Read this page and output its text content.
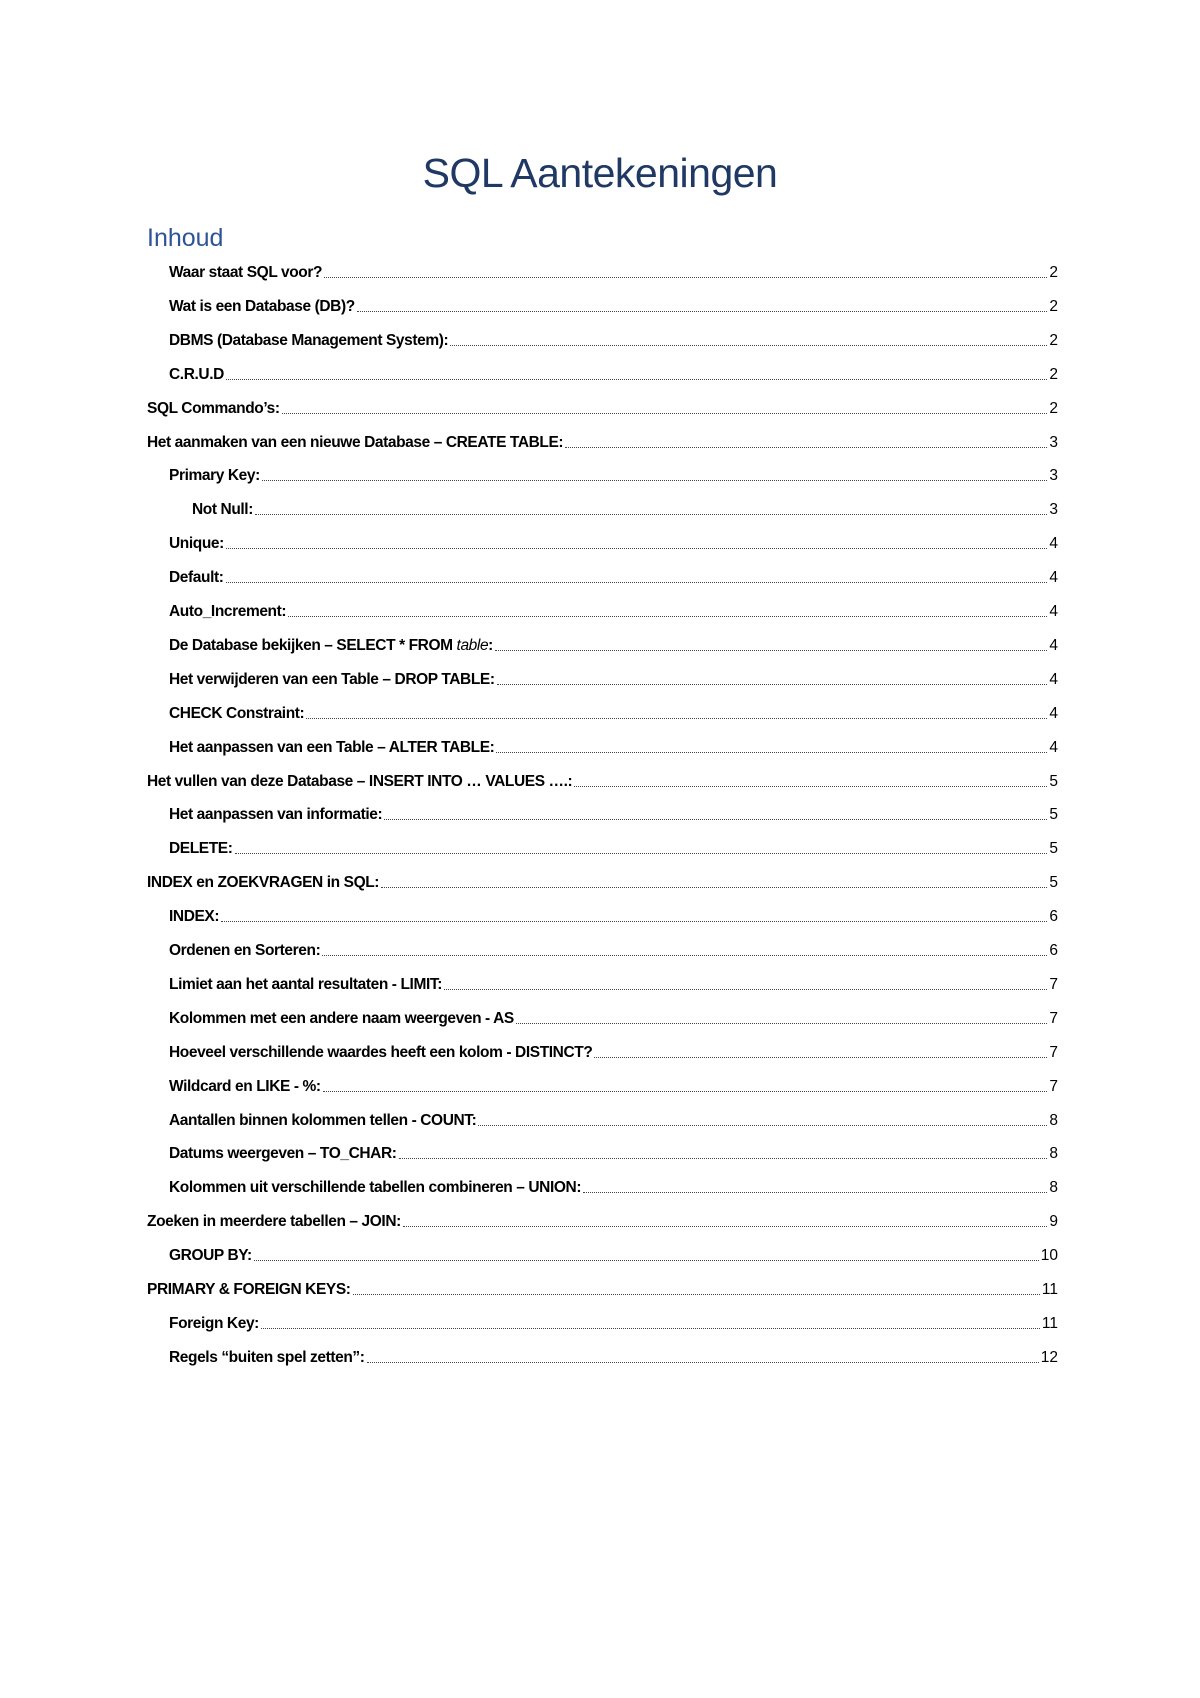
SQL Aantekeningen
Inhoud
Waar staat SQL voor?	2
Wat is een Database (DB)?	2
DBMS (Database Management System):	2
C.R.U.D	2
SQL Commando’s:	2
Het aanmaken van een nieuwe Database – CREATE TABLE:	3
Primary Key:	3
Not Null:	3
Unique:	4
Default:	4
Auto_Increment:	4
De Database bekijken – SELECT * FROM table:	4
Het verwijderen van een Table – DROP TABLE:	4
CHECK Constraint:	4
Het aanpassen van een Table – ALTER TABLE:	4
Het vullen van deze Database – INSERT INTO … VALUES ….:	5
Het aanpassen van informatie:	5
DELETE:	5
INDEX en ZOEKVRAGEN in SQL:	5
INDEX:	6
Ordenen en Sorteren:	6
Limiet aan het aantal resultaten - LIMIT:	7
Kolommen met een andere naam weergeven - AS	7
Hoeveel verschillende waardes heeft een kolom - DISTINCT?	7
Wildcard en LIKE - %:	7
Aantallen binnen kolommen tellen - COUNT:	8
Datums weergeven – TO_CHAR:	8
Kolommen uit verschillende tabellen combineren – UNION:	8
Zoeken in meerdere tabellen – JOIN:	9
GROUP BY:	10
PRIMARY & FOREIGN KEYS:	11
Foreign Key:	11
Regels “buiten spel zetten”:	12
